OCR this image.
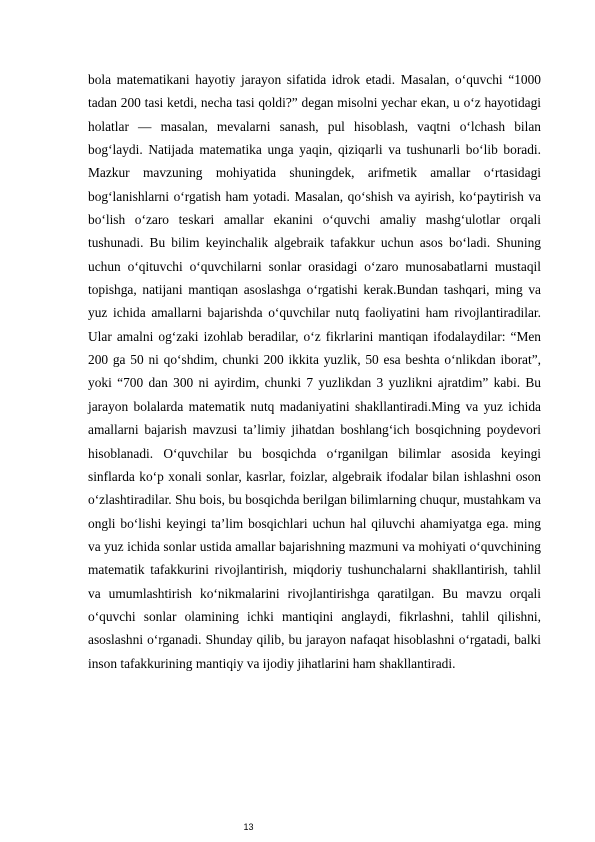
bola matematikani hayotiy jarayon sifatida idrok etadi. Masalan, o‘quvchi “1000 tadan 200 tasi ketdi, necha tasi qoldi?” degan misolni yechar ekan, u o‘z hayotidagi holatlar — masalan, mevalarni sanash, pul hisoblash, vaqtni o‘lchash bilan bog‘laydi. Natijada matematika unga yaqin, qiziqarli va tushunarli bo‘lib boradi. Mazkur mavzuning mohiyatida shuningdek, arifmetik amallar o‘rtasidagi bog‘lanishlarni o‘rgatish ham yotadi. Masalan, qo‘shish va ayirish, ko‘paytirish va bo‘lish o‘zaro teskari amallar ekanini o‘quvchi amaliy mashg‘ulotlar orqali tushunadi. Bu bilim keyinchalik algebraik tafakkur uchun asos bo‘ladi. Shuning uchun o‘qituvchi o‘quvchilarni sonlar orasidagi o‘zaro munosabatlarni mustaqil topishga, natijani mantiqan asoslashga o‘rgatishi kerak.Bundan tashqari, ming va yuz ichida amallarni bajarishda o‘quvchilar nutq faoliyatini ham rivojlantiradilar. Ular amalni og‘zaki izohlab beradilar, o‘z fikrlarini mantiqan ifodalaydilar: “Men 200 ga 50 ni qo‘shdim, chunki 200 ikkita yuzlik, 50 esa beshta o‘nlikdan iborat”, yoki “700 dan 300 ni ayirdim, chunki 7 yuzlikdan 3 yuzlikni ajratdim” kabi. Bu jarayon bolalarda matematik nutq madaniyatini shakllantiradi.Ming va yuz ichida amallarni bajarish mavzusi ta’limiy jihatdan boshlang‘ich bosqichning poydevori hisoblanadi. O‘quvchilar bu bosqichda o‘rganilgan bilimlar asosida keyingi sinflarda ko‘p xonali sonlar, kasrlar, foizlar, algebraik ifodalar bilan ishlashni oson o‘zlashtiradilar. Shu bois, bu bosqichda berilgan bilimlarning chuqur, mustahkam va ongli bo‘lishi keyingi ta’lim bosqichlari uchun hal qiluvchi ahamiyatga ega. ming va yuz ichida sonlar ustida amallar bajarishning mazmuni va mohiyati o‘quvchining matematik tafakkurini rivojlantirish, miqdoriy tushunchalarni shakllantirish, tahlil va umumlashtirish ko‘nikmalarini rivojlantirishga qaratilgan. Bu mavzu orqali o‘quvchi sonlar olamining ichki mantiqini anglaydi, fikrlashni, tahlil qilishni, asoslashni o‘rganadi. Shunday qilib, bu jarayon nafaqat hisoblashni o‘rgatadi, balki inson tafakkurining mantiqiy va ijodiy jihatlarini ham shakllantiradi.

13
